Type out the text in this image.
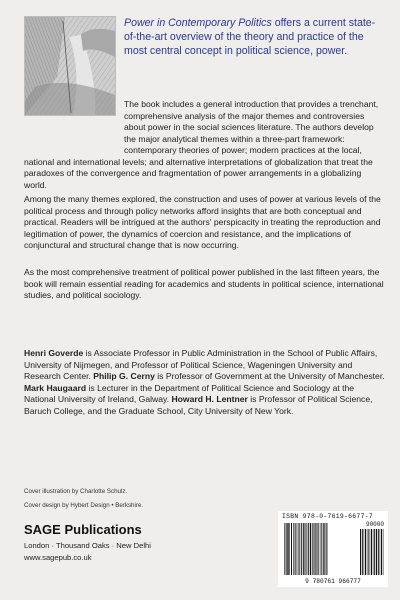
Power in Contemporary Politics offers a current state-of-the-art overview of the theory and practice of the most central concept in political science, power.
The book includes a general introduction that provides a trenchant, comprehensive analysis of the major themes and controversies about power in the social sciences literature. The authors develop the major analytical themes within a three-part framework: contemporary theories of power; modern practices at the local,
national and international levels; and alternative interpretations of globalization that treat the paradoxes of the convergence and fragmentation of power arrangements in a globalizing world.
Among the many themes explored, the construction and uses of power at various levels of the political process and through policy networks afford insights that are both conceptual and practical. Readers will be intrigued at the authors' perspicacity in treating the reproduction and legitimation of power, the dynamics of coercion and resistance, and the implications of conjunctural and structural change that is now occurring.
As the most comprehensive treatment of political power published in the last fifteen years, the book will remain essential reading for academics and students in political science, international studies, and political sociology.
Henri Goverde is Associate Professor in Public Administration in the School of Public Affairs, University of Nijmegen, and Professor of Political Science, Wageningen University and Research Center. Philip G. Cerny is Professor of Government at the University of Manchester. Mark Haugaard is Lecturer in the Department of Political Science and Sociology at the National University of Ireland, Galway. Howard H. Lentner is Professor of Political Science, Baruch College, and the Graduate School, City University of New York.
Cover illustration by Charlotte Schulz.
Cover design by Hybert Design • Berkshire.
SAGE Publications
London · Thousand Oaks · New Delhi
www.sagepub.co.uk
ISBN 978-0-7619-6677-7
90000
9 780761 966777
